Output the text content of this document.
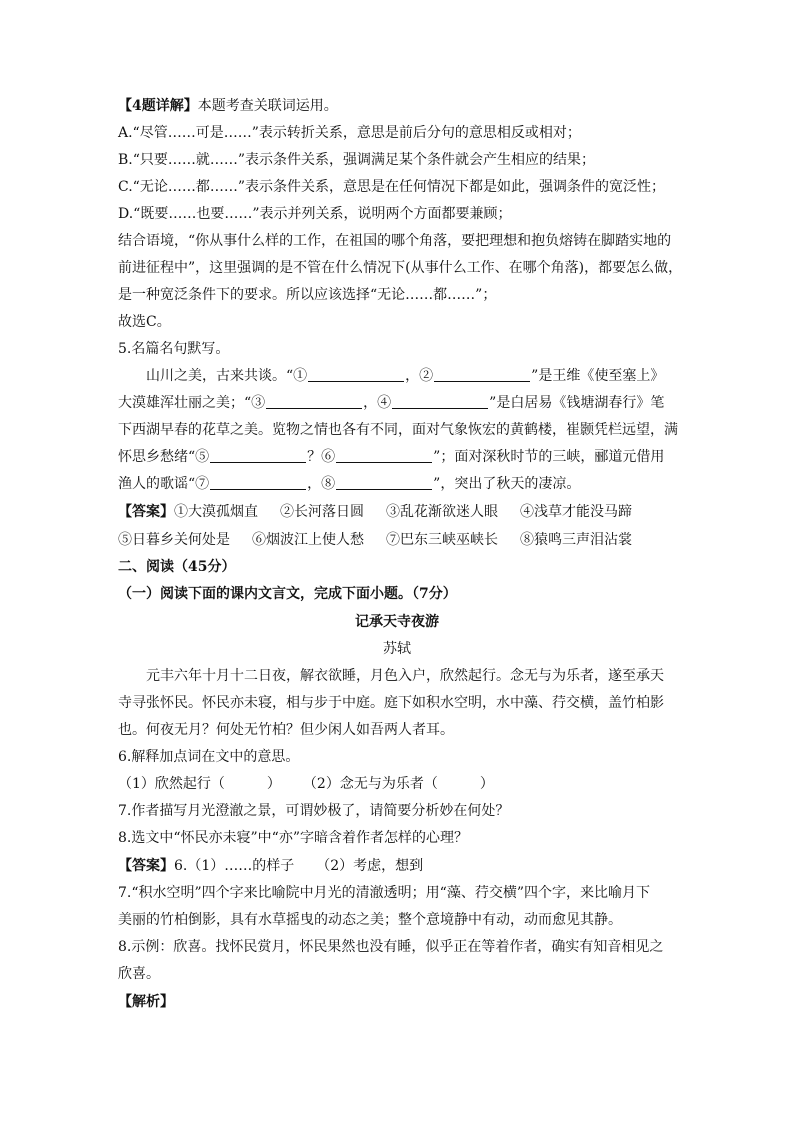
【4题详解】本题考查关联词运用。
A.“尽管……可是……”表示转折关系，意思是前后分句的意思相反或相对；
B.“只要……就……”表示条件关系，强调满足某个条件就会产生相应的结果；
C.“无论……都……”表示条件关系，意思是在任何情况下都是如此，强调条件的宽泛性；
D.“既要……也要……”表示并列关系，说明两个方面都要兼顾；
结合语境，“你从事什么样的工作，在祖国的哪个角落，要把理想和抱负熔铸在脚踏实地的
前进征程中”，这里强调的是不管在什么情况下(从事什么工作、在哪个角落)，都要怎么做，
是一种宽泛条件下的要求。所以应该选择“无论……都……”；
故选C。
5.名篇名句默写。
山川之美，古来共谈。“①	，②	”是王维《使至塞上》
大漠雄浑壮丽之美；“③	，④	”是白居易《钱塘湖春行》笔
下西湖早春的花草之美。览物之情也各有不同，面对气象恢宏的黄鹤楼，崔颢凭栏远望，满
怀思乡愁绪“⑤	？⑥	”；面对深秋时节的三峡，郦道元借用
渔人的歌谣“⑦	，⑧	”，突出了秋天的凄凉。
【答案】①大漠孤烟直 ②长河落日圆 ③乱花渐欲迷人眼 ④浅草才能没马蹄
⑤日暮乡关何处是 ⑥烟波江上使人愁 ⑦巴东三峡巫峡长 ⑧猿鸣三声泪沾裳
二、阅读（45分）
（一）阅读下面的课内文言文，完成下面小题。（7分）
记承天寺夜游
苏轼
元丰六年十月十二日夜，解衣欲睡，月色入户，欣然起行。念无与为乐者，遂至承天
寺寻张怀民。怀民亦未寝，相与步于中庭。庭下如积水空明，水中藻、荇交横，盖竹柏影
也。何夜无月？何处无竹柏？但少闲人如吾两人者耳。
6.解释加点词在文中的意思。
（1）欣然起行（　　　） （2）念无与为乐者（　　　）
7.作者描写月光澄澈之景，可谓妙极了，请简要分析妙在何处？
8.选文中“怀民亦未寝”中“亦”字暗含着作者怎样的心理？
【答案】6.（1）……的样子 （2）考虑，想到
7.“积水空明”四个字来比喻院中月光的清澈透明；用“藻、荇交横”四个字，来比喻月下
美丽的竹柏倒影，具有水草摇曳的动态之美；整个意境静中有动，动而愈见其静。
8.示例：欣喜。找怀民赏月，怀民果然也没有睡，似乎正在等着作者，确实有知音相见之
欣喜。
【解析】
